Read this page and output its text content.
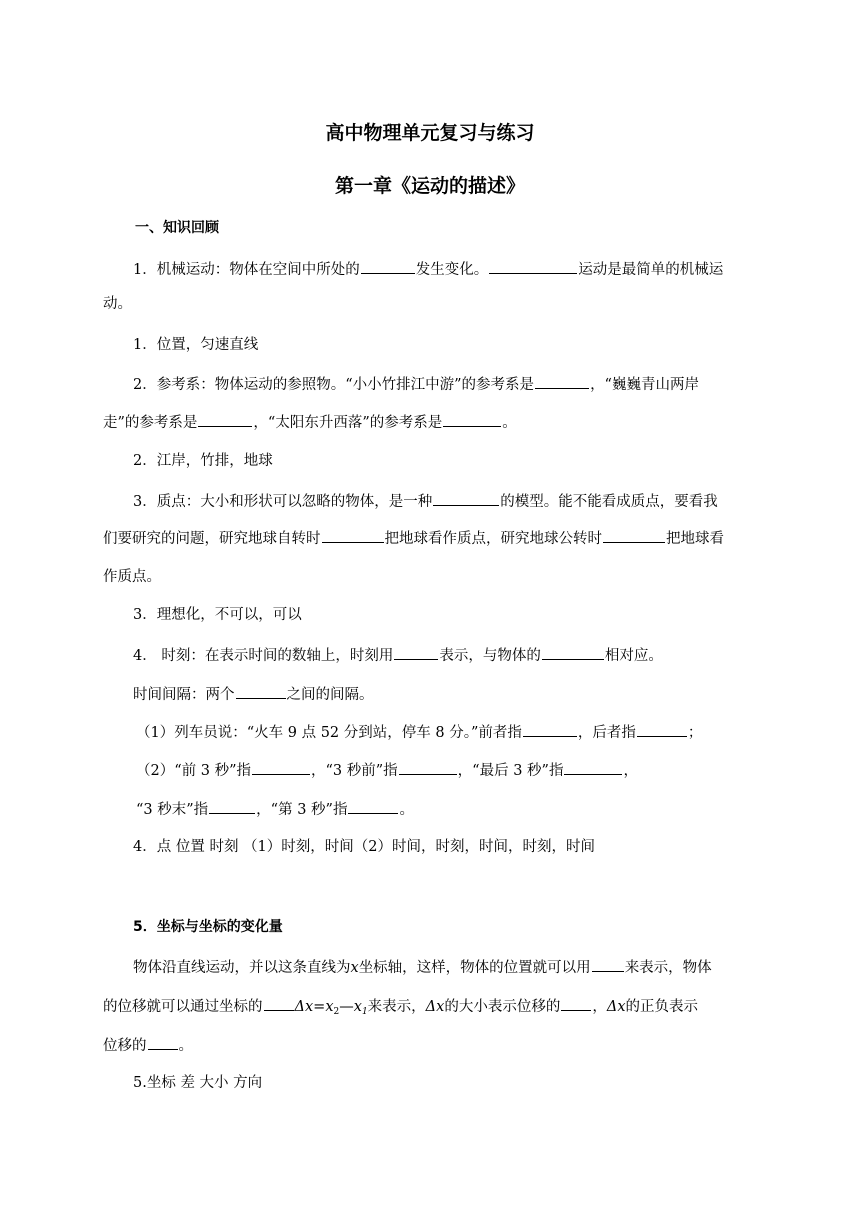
高中物理单元复习与练习
第一章《运动的描述》
一、知识回顾
1．机械运动：物体在空间中所处的	发生变化。	运动是最简单的机械运
动。
1．位置，匀速直线
2．参考系：物体运动的参照物。“小小竹排江中游”的参考系是	，“巍巍青山两岸
走”的参考系是	，“太阳东升西落”的参考系是	。
2．江岸，竹排，地球
3．质点：大小和形状可以忽略的物体，是一种	的模型。能不能看成质点，要看我
们要研究的问题，研究地球自转时	把地球看作质点，研究地球公转时	把地球看
作质点。
3．理想化，不可以，可以
4． 时刻：在表示时间的数轴上，时刻用	表示，与物体的	相对应。
时间间隔：两个	之间的间隔。
（1）列车员说：“火车 9 点 52 分到站，停车 8 分。”前者指	，后者指	；
（2）“前 3 秒”指	，“3 秒前”指	，“最后 3 秒”指	，
“3 秒末”指	，“第 3 秒”指	。
4．点 位置 时刻 （1）时刻，时间（2）时间，时刻，时间，时刻，时间
5．坐标与坐标的变化量
物体沿直线运动，并以这条直线为x坐标轴，这样，物体的位置就可以用 来表示，物体
的位移就可以通过坐标的 $\Delta x=x_2—x_1$来表示，Δx的大小表示位移的 ，Δx的正负表示
位移的 。
5.坐标 差 大小 方向
